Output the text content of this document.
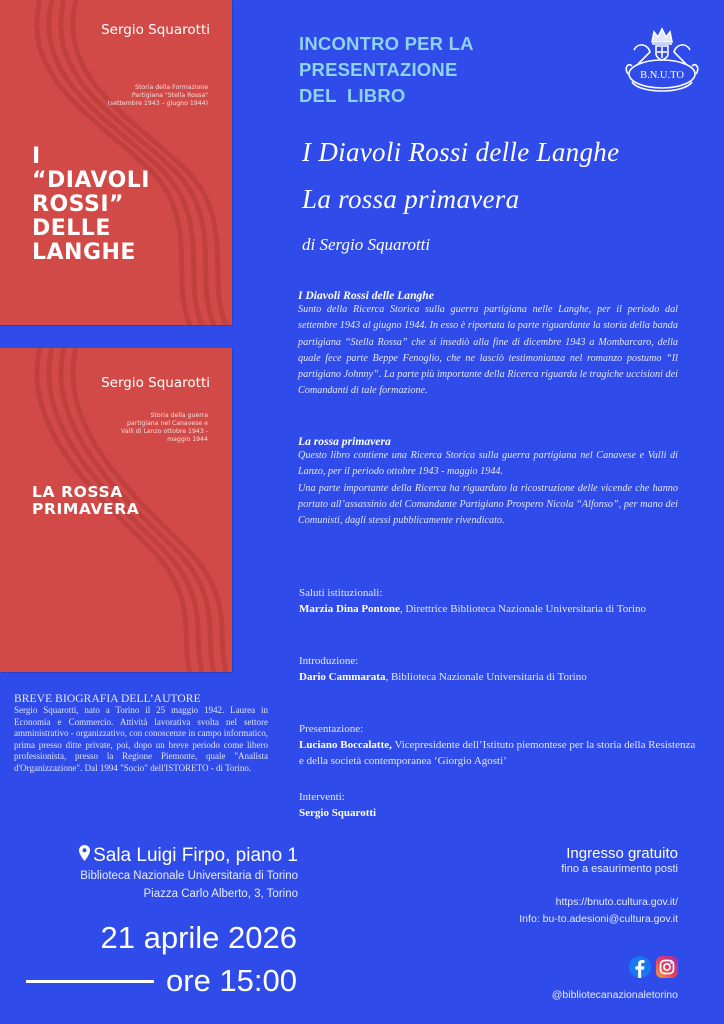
Sergio Squarotti
Storia della Formazione
Partigiana "Stella Rossa"
(settembre 1943 – giugno 1944)
I
“DIAVOLI
ROSSI”
DELLE
LANGHE
Sergio Squarotti
Storia della guerra
partigiana nel Canavese e
Valli di Lanzo ottobre 1943 -
maggio 1944
LA ROSSA
PRIMAVERA
BREVE BIOGRAFIA DELL’AUTORE
Sergio Squarotti, nato a Torino il 25 maggio 1942. Laurea in Economia e Commercio. Attività lavorativa svolta nel settore amministrativo - organizzativo, con conoscenze in campo informatico, prima presso ditte private, poi, dopo un breve periodo come libero professionista, presso la Regione Piemonte, quale "Analista d'Organizzazione". Dal 1994 "Socio" dell'ISTORETO - di Torino.
INCONTRO PER LA
PRESENTAZIONE
DEL  LIBRO
B.N.U.TO
I Diavoli Rossi delle Langhe
La rossa primavera
di Sergio Squarotti
I Diavoli Rossi delle Langhe
Sunto della Ricerca Storica sulla guerra partigiana nelle Langhe, per il periodo dal settembre 1943 al giugno 1944. In esso è riportata la parte riguardante la storia della banda partigiana “Stella Rossa” che si insediò alla fine di dicembre 1943 a Mombarcaro, della quale fece parte Beppe Fenoglio, che ne lasciò testimonianza nel romanzo postumo “Il partigiano Johnny”. La parte più importante della Ricerca riguarda le tragiche uccisioni dei Comandanti di tale formazione.
La rossa primavera
Questo libro contiene una Ricerca Storica sulla guerra partigiana nel Canavese e Valli di Lanzo, per il periodo ottobre 1943 - maggio 1944.
Una parte importante della Ricerca ha riguardato la ricostruzione delle vicende che hanno portato all’assassinio del Comandante Partigiano Prospero Nicola “Alfonso”, per mano dei Comunisti, dagli stessi pubblicamente rivendicato.
Saluti istituzionali:
Marzia Dina Pontone, Direttrice Biblioteca Nazionale Universitaria di Torino
Introduzione:
Dario Cammarata, Biblioteca Nazionale Universitaria di Torino
Presentazione:
Luciano Boccalatte, Vicepresidente dell’Istituto piemontese per la storia della Resistenza e della società contemporanea ‘Giorgio Agosti’
Interventi:
Sergio Squarotti
Sala Luigi Firpo, piano 1
Biblioteca Nazionale Universitaria di Torino
Piazza Carlo Alberto, 3, Torino
21 aprile 2026
ore 15:00
Ingresso gratuito
fino a esaurimento posti
https://bnuto.cultura.gov.it/
Info: bu-to.adesioni@cultura.gov.it
@bibliotecanazionaletorino
